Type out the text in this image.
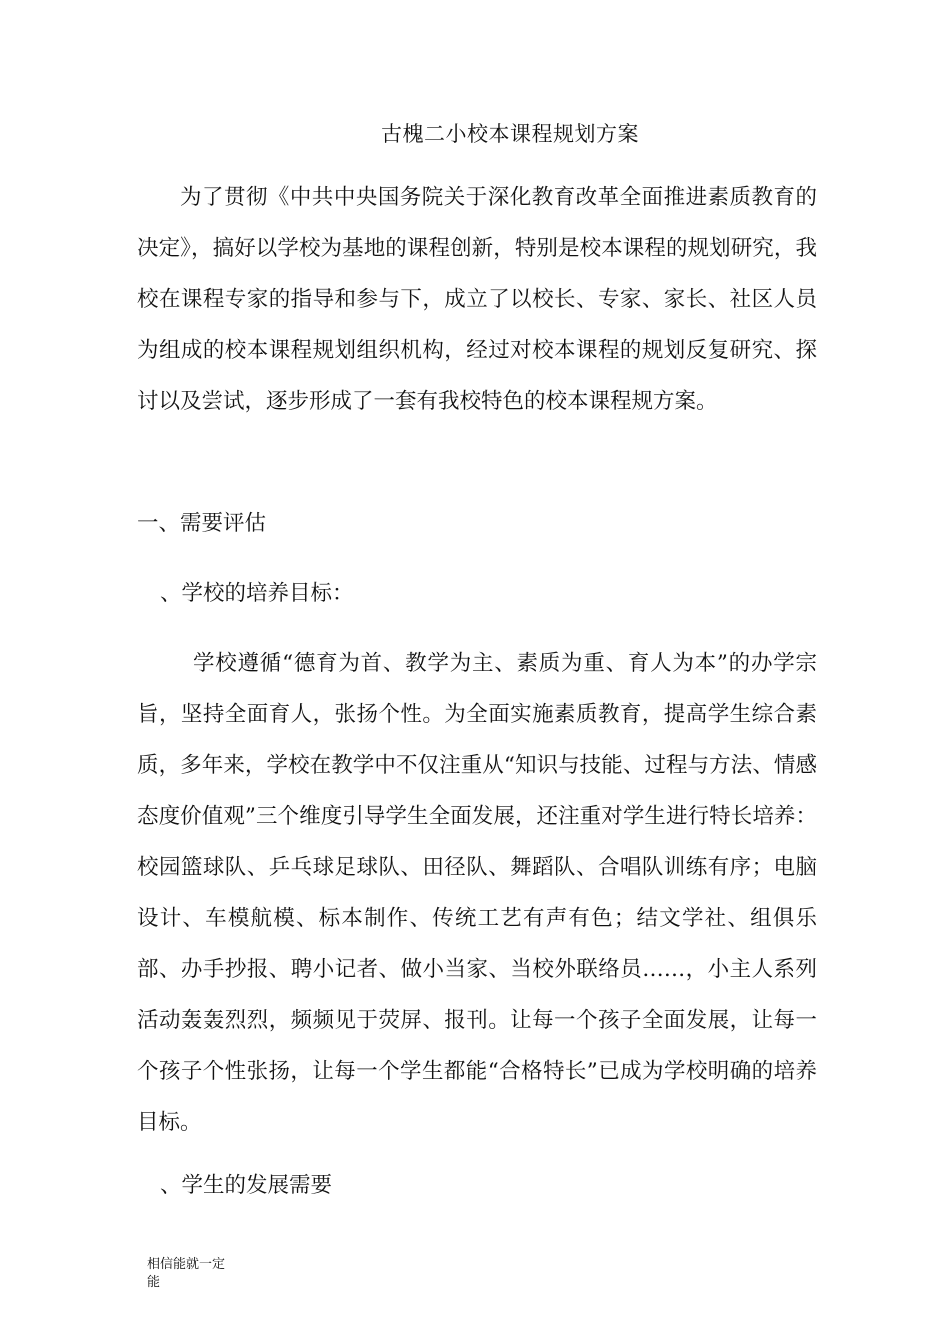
古槐二小校本课程规划方案

为了贯彻《中共中央国务院关于深化教育改革全面推进素质教育的决定》，搞好以学校为基地的课程创新，特别是校本课程的规划研究，我校在课程专家的指导和参与下，成立了以校长、专家、家长、社区人员为组成的校本课程规划组织机构，经过对校本课程的规划反复研究、探讨以及尝试，逐步形成了一套有我校特色的校本课程规方案。

一、需要评估
、学校的培养目标：

学校遵循“德育为首、教学为主、素质为重、育人为本”的办学宗旨，坚持全面育人，张扬个性。为全面实施素质教育，提高学生综合素质，多年来，学校在教学中不仅注重从“知识与技能、过程与方法、情感态度价值观”三个维度引导学生全面发展，还注重对学生进行特长培养：校园篮球队、乒乓球足球队、田径队、舞蹈队、合唱队训练有序；电脑设计、车模航模、标本制作、传统工艺有声有色；结文学社、组俱乐部、办手抄报、聘小记者、做小当家、当校外联络员……，小主人系列活动轰轰烈烈，频频见于荧屏、报刊。让每一个孩子全面发展，让每一个孩子个性张扬，让每一个学生都能“合格特长”已成为学校明确的培养目标。

、学生的发展需要
相信能就一定能
